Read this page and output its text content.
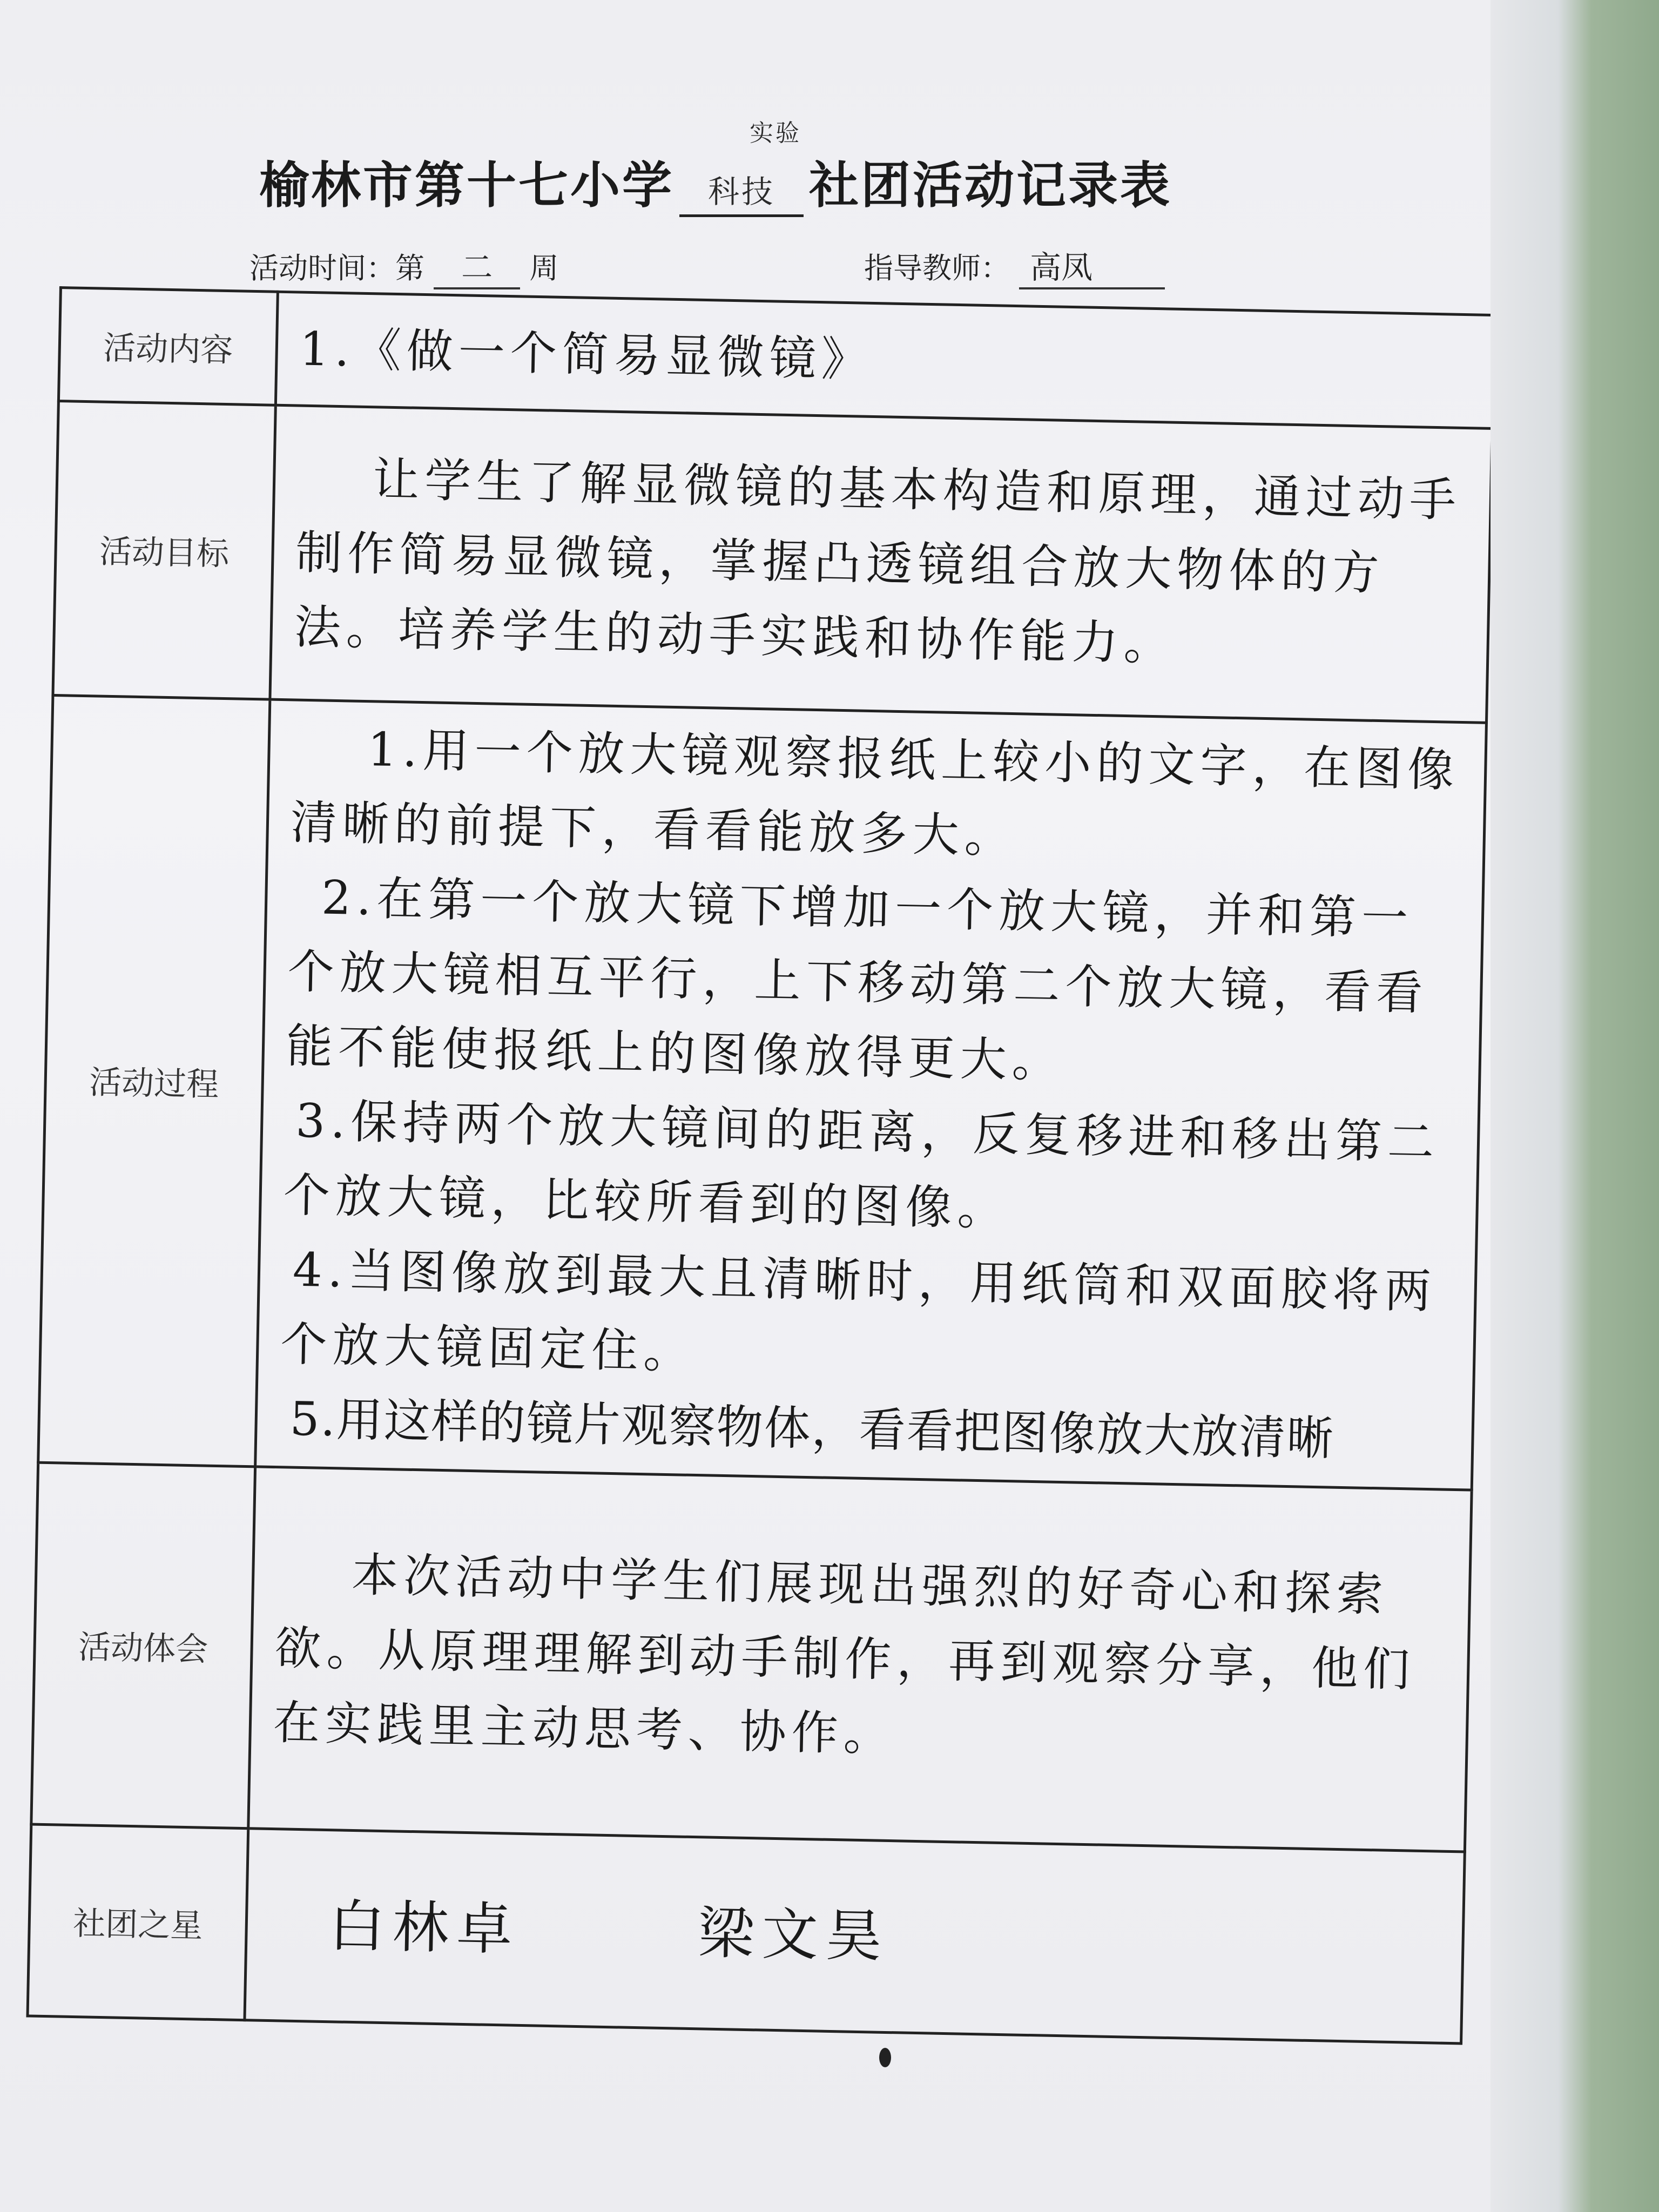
榆林市第十七小学
实验
科技 社团活动记录表
活动时间：第 二 周	指导教师： 高凤
活动内容	1.《做一个简易显微镜》
活动目标	让学生了解显微镜的基本构造和原理，通过动手制作简易显微镜，掌握凸透镜组合放大物体的方法。培养学生的动手实践和协作能力。
活动过程	1.用一个放大镜观察报纸上较小的文字，在图像清晰的前提下，看看能放多大。

2.在第一个放大镜下增加一个放大镜，并和第一个放大镜相互平行，上下移动第二个放大镜，看看能不能使报纸上的图像放得更大。

3.保持两个放大镜间的距离，反复移进和移出第二个放大镜，比较所看到的图像。

4.当图像放到最大且清晰时，用纸筒和双面胶将两个放大镜固定住。

5.用这样的镜片观察物体，看看把图像放大放清晰

活动体会	本次活动中学生们展现出强烈的好奇心和探索欲。从原理理解到动手制作，再到观察分享，他们在实践里主动思考、协作。
社团之星	白林卓 梁文昊
